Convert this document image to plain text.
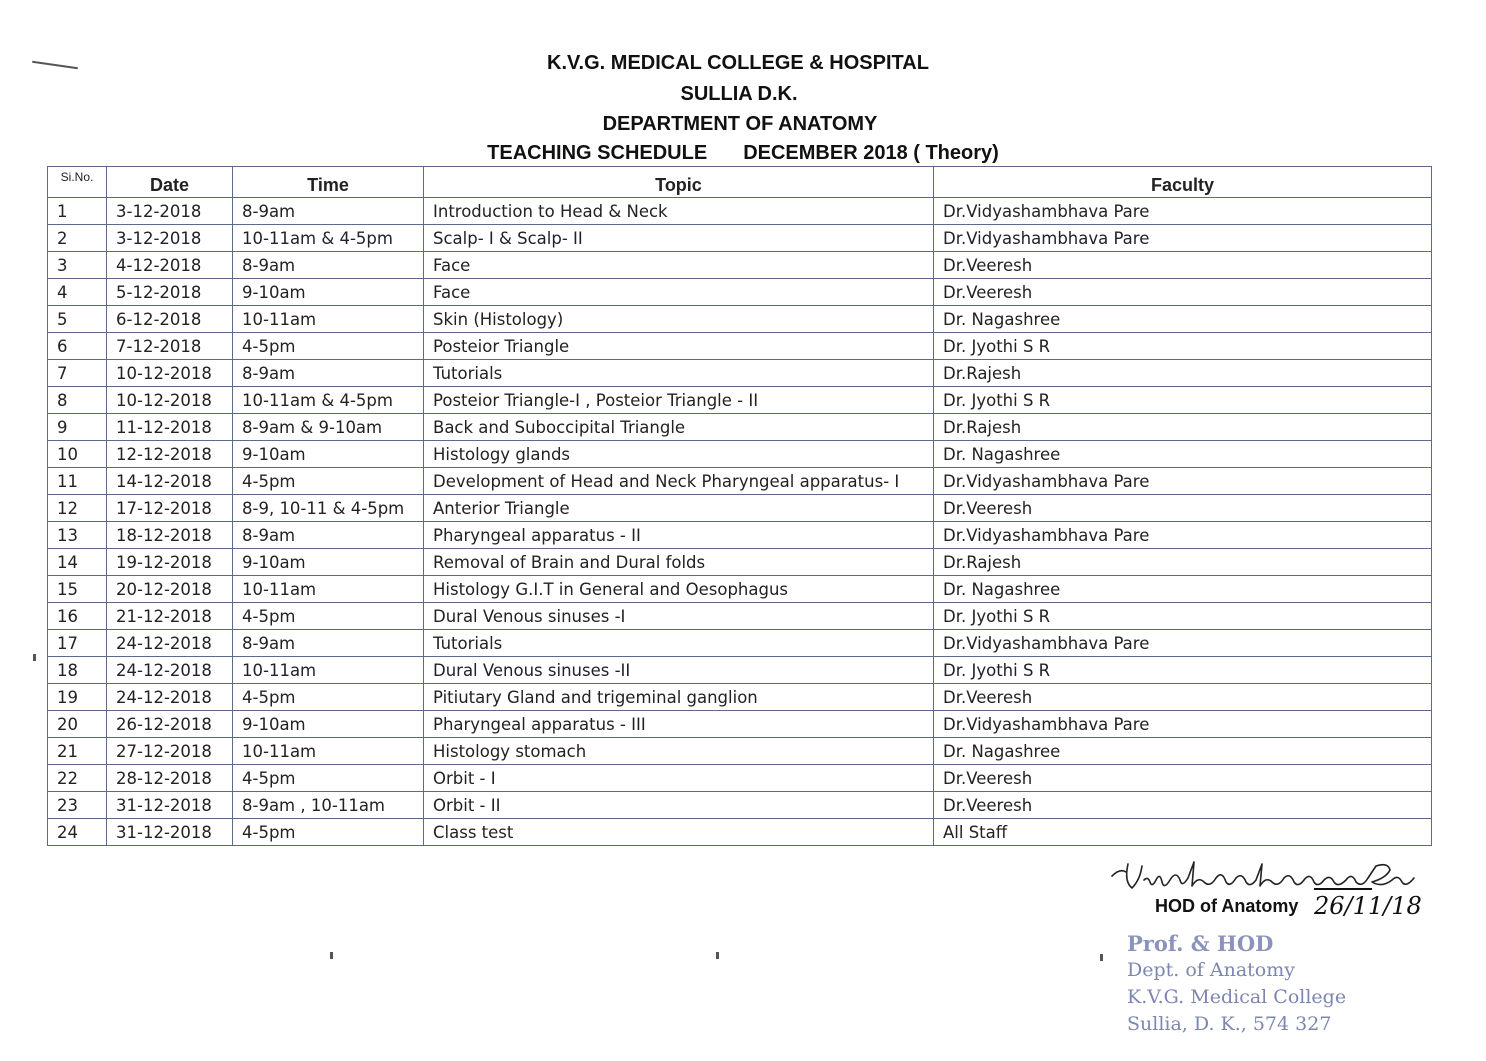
K.V.G. MEDICAL COLLEGE & HOSPITAL
SULLIA D.K.
DEPARTMENT OF ANATOMY
TEACHING SCHEDULE DECEMBER 2018 ( Theory)
Si.No.	Date	Time	Topic	Faculty
1	3-12-2018	8-9am	Introduction to Head & Neck	Dr.Vidyashambhava Pare
2	3-12-2018	10-11am & 4-5pm	Scalp- I & Scalp- II	Dr.Vidyashambhava Pare
3	4-12-2018	8-9am	Face	Dr.Veeresh
4	5-12-2018	9-10am	Face	Dr.Veeresh
5	6-12-2018	10-11am	Skin (Histology)	Dr. Nagashree
6	7-12-2018	4-5pm	Posteior Triangle	Dr. Jyothi S R
7	10-12-2018	8-9am	Tutorials	Dr.Rajesh
8	10-12-2018	10-11am & 4-5pm	Posteior Triangle-I , Posteior Triangle - II	Dr. Jyothi S R
9	11-12-2018	8-9am & 9-10am	Back and Suboccipital Triangle	Dr.Rajesh
10	12-12-2018	9-10am	Histology glands	Dr. Nagashree
11	14-12-2018	4-5pm	Development of Head and Neck Pharyngeal apparatus- I	Dr.Vidyashambhava Pare
12	17-12-2018	8-9, 10-11 & 4-5pm	Anterior Triangle	Dr.Veeresh
13	18-12-2018	8-9am	Pharyngeal apparatus - II	Dr.Vidyashambhava Pare
14	19-12-2018	9-10am	Removal of Brain and Dural folds	Dr.Rajesh
15	20-12-2018	10-11am	Histology G.I.T in General and Oesophagus	Dr. Nagashree
16	21-12-2018	4-5pm	Dural Venous sinuses -I	Dr. Jyothi S R
17	24-12-2018	8-9am	Tutorials	Dr.Vidyashambhava Pare
18	24-12-2018	10-11am	Dural Venous sinuses -II	Dr. Jyothi S R
19	24-12-2018	4-5pm	Pitiutary Gland and trigeminal ganglion	Dr.Veeresh
20	26-12-2018	9-10am	Pharyngeal apparatus - III	Dr.Vidyashambhava Pare
21	27-12-2018	10-11am	Histology stomach	Dr. Nagashree
22	28-12-2018	4-5pm	Orbit - I	Dr.Veeresh
23	31-12-2018	8-9am , 10-11am	Orbit - II	Dr.Veeresh
24	31-12-2018	4-5pm	Class test	All Staff
HOD of Anatomy 26/11/18
Prof. & HOD
Dept. of Anatomy
K.V.G. Medical College
Sullia, D. K., 574 327
